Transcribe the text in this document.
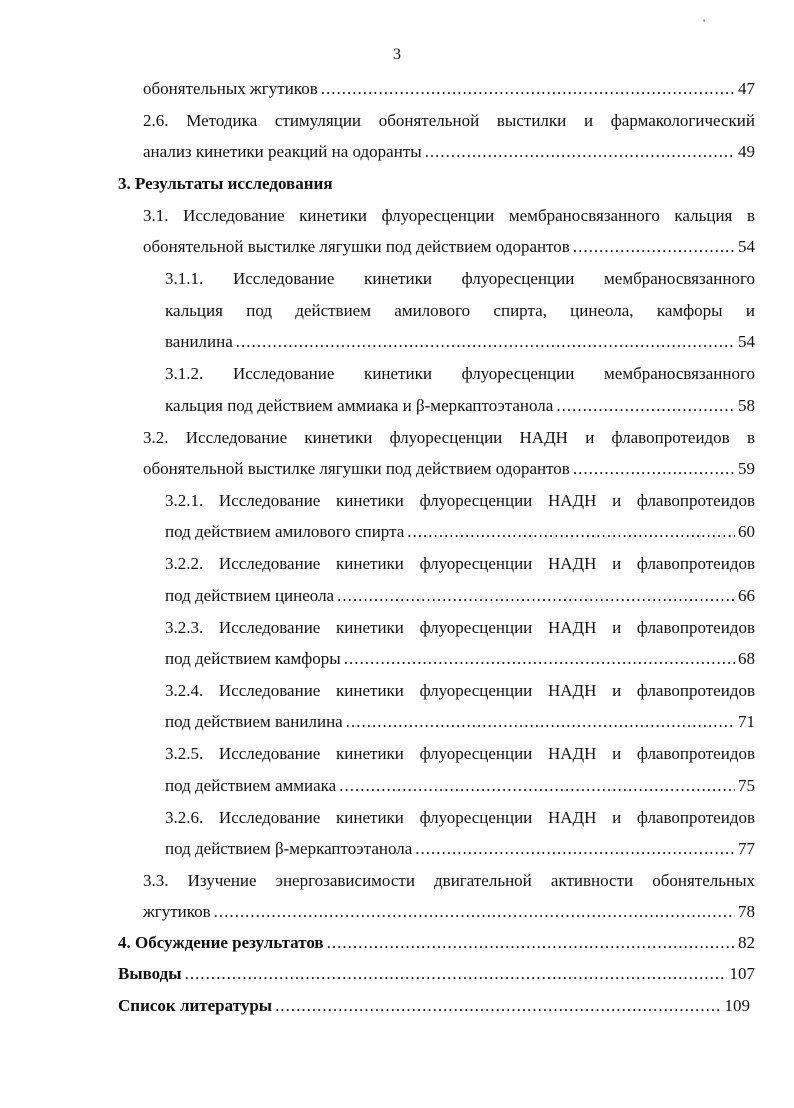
3
обонятельных жгутиков .....	47
2.6. Методика стимуляции обонятельной выстилки и фармакологический
анализ кинетики реакций на одоранты .....	49
3. Результаты исследования
3.1. Исследование кинетики флуоресценции мембраносвязанного кальция в
обонятельной выстилке лягушки под действием одорантов .....	54
3.1.1. Исследование кинетики флуоресценции мембраносвязанного
кальция под действием амилового спирта, цинеола, камфоры и
ванилина .....	54
3.1.2. Исследование кинетики флуоресценции мембраносвязанного
кальция под действием аммиака и β-меркаптоэтанола .....	58
3.2. Исследование кинетики флуоресценции НАДН и флавопротеидов в
обонятельной выстилке лягушки под действием одорантов .....	59
3.2.1. Исследование кинетики флуоресценции НАДН и флавопротеидов
под действием амилового спирта .....	60
3.2.2. Исследование кинетики флуоресценции НАДН и флавопротеидов
под действием цинеола .....	66
3.2.3. Исследование кинетики флуоресценции НАДН и флавопротеидов
под действием камфоры .....	68
3.2.4. Исследование кинетики флуоресценции НАДН и флавопротеидов
под действием ванилина .....	71
3.2.5. Исследование кинетики флуоресценции НАДН и флавопротеидов
под действием аммиака .....	75
3.2.6. Исследование кинетики флуоресценции НАДН и флавопротеидов
под действием β-меркаптоэтанола .....	77
3.3. Изучение энергозависимости двигательной активности обонятельных
жгутиков .....	78
4. Обсуждение результатов .....	82
Выводы .....	107
Список литературы .....	109
'
